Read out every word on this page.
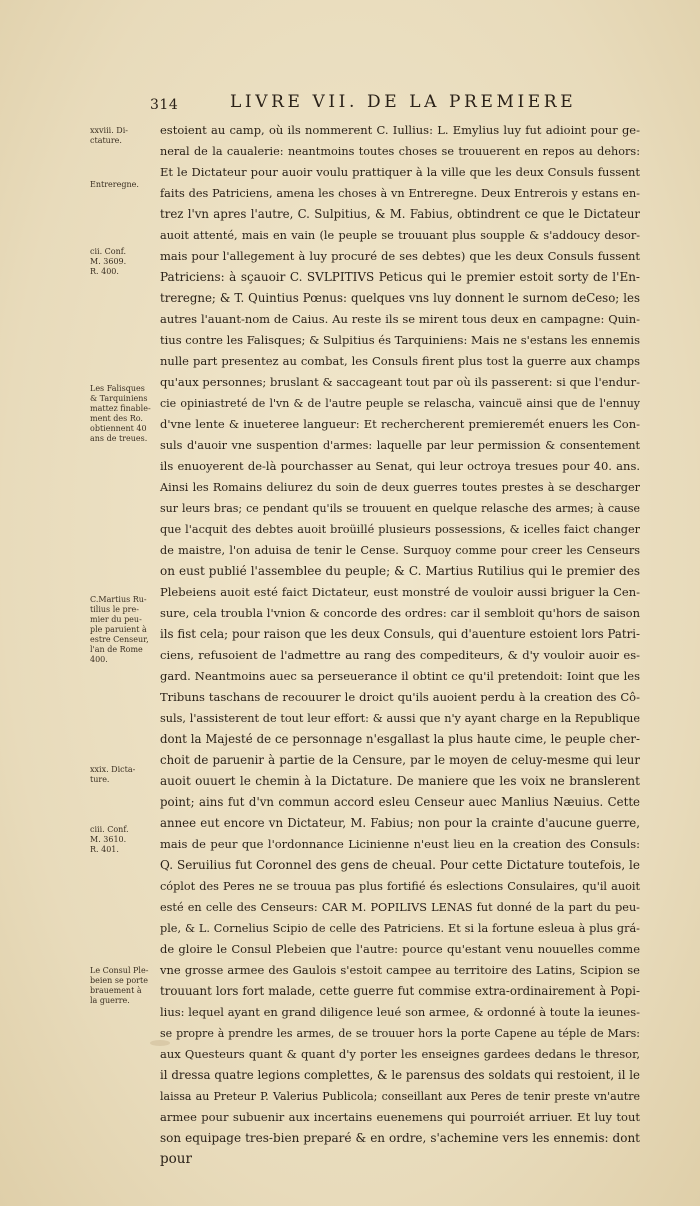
314	LIVRE VII. DE LA PREMIERE
xxviii. Di-
ctature.
Entreregne.
cii. Conf.
M. 3609.
R. 400.
Les Falisques
& Tarquiniens
mattez finable-
ment des Ro.
obtiennent 40
ans de treues.
C.Martius Ru-
tilius le pre-
mier du peu-
ple paruient à
estre Censeur,
l'an de Rome
400.
xxix. Dicta-
ture.
ciii. Conf.
M. 3610.
R. 401.
Le Consul Ple-
beien se porte
brauement à
la guerre.
estoient au camp, où ils nommerent C. Iullius: L. Emylius luy fut adioint pour ge-
neral de la caualerie: neantmoins toutes choses se trouuerent en repos au dehors:
Et le Dictateur pour auoir voulu prattiquer à la ville que les deux Consuls fussent
faits des Patriciens, amena les choses à vn Entreregne. Deux Entrerois y estans en-
trez l'vn apres l'autre, C. Sulpitius, & M. Fabius, obtindrent ce que le Dictateur
auoit attenté, mais en vain (le peuple se trouuant plus soupple & s'addoucy desor-
mais pour l'allegement à luy procuré de ses debtes) que les deux Consuls fussent
Patriciens: à sçauoir C. SVLPITIVS Peticus qui le premier estoit sorty de l'En-
treregne; & T. Quintius Pœnus: quelques vns luy donnent le surnom deCeso; les
autres l'auant-nom de Caius. Au reste ils se mirent tous deux en campagne: Quin-
tius contre les Falisques; & Sulpitius és Tarquiniens: Mais ne s'estans les ennemis
nulle part presentez au combat, les Consuls firent plus tost la guerre aux champs
qu'aux personnes; bruslant & saccageant tout par où ils passerent: si que l'endur-
cie opiniastreté de l'vn & de l'autre peuple se relascha, vaincuë ainsi que de l'ennuy
d'vne lente & inueteree langueur: Et rechercherent premieremét enuers les Con-
suls d'auoir vne suspention d'armes: laquelle par leur permission & consentement
ils enuoyerent de-là pourchasser au Senat, qui leur octroya tresues pour 40. ans.
Ainsi les Romains deliurez du soin de deux guerres toutes prestes à se descharger
sur leurs bras; ce pendant qu'ils se trouuent en quelque relasche des armes; à cause
que l'acquit des debtes auoit broüillé plusieurs possessions, & icelles faict changer
de maistre, l'on aduisa de tenir le Cense. Surquoy comme pour creer les Censeurs
on eust publié l'assemblee du peuple; & C. Martius Rutilius qui le premier des
Plebeiens auoit esté faict Dictateur, eust monstré de vouloir aussi briguer la Cen-
sure, cela troubla l'vnion & concorde des ordres: car il sembloit qu'hors de saison
ils fist cela; pour raison que les deux Consuls, qui d'auenture estoient lors Patri-
ciens, refusoient de l'admettre au rang des compediteurs, & d'y vouloir auoir es-
gard. Neantmoins auec sa perseuerance il obtint ce qu'il pretendoit: Ioint que les
Tribuns taschans de recouurer le droict qu'ils auoient perdu à la creation des Cô-
suls, l'assisterent de tout leur effort: & aussi que n'y ayant charge en la Republique
dont la Majesté de ce personnage n'esgallast la plus haute cime, le peuple cher-
choit de paruenir à partie de la Censure, par le moyen de celuy-mesme qui leur
auoit ouuert le chemin à la Dictature. De maniere que les voix ne branslerent
point; ains fut d'vn commun accord esleu Censeur auec Manlius Næuius. Cette
annee eut encore vn Dictateur, M. Fabius; non pour la crainte d'aucune guerre,
mais de peur que l'ordonnance Licinienne n'eust lieu en la creation des Consuls:
Q. Seruilius fut Coronnel des gens de cheual. Pour cette Dictature toutefois, le
cóplot des Peres ne se trouua pas plus fortifié és eslections Consulaires, qu'il auoit
esté en celle des Censeurs: CAR M. POPILIVS LENAS fut donné de la part du peu-
ple, & L. Cornelius Scipio de celle des Patriciens. Et si la fortune esleua à plus grá-
de gloire le Consul Plebeien que l'autre: pource qu'estant venu nouuelles comme
vne grosse armee des Gaulois s'estoit campee au territoire des Latins, Scipion se
trouuant lors fort malade, cette guerre fut commise extra-ordinairement à Popi-
lius: lequel ayant en grand diligence leué son armee, & ordonné à toute la ieunes-
se propre à prendre les armes, de se trouuer hors la porte Capene au téple de Mars:
aux Questeurs quant & quant d'y porter les enseignes gardees dedans le thresor,
il dressa quatre legions complettes, & le parensus des soldats qui restoient, il le
laissa au Preteur P. Valerius Publicola; conseillant aux Peres de tenir preste vn'autre
armee pour subuenir aux incertains euenemens qui pourroiét arriuer. Et luy tout
son equipage tres-bien preparé & en ordre, s'achemine vers les ennemis: dont
pour
